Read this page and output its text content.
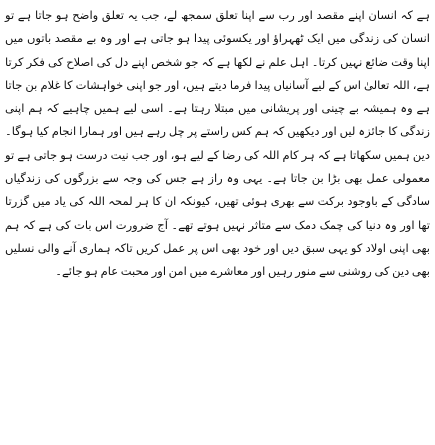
ہے کہ انسان اپنے مقصد اور رب سے اپنا تعلق سمجھ لے، جب یہ تعلق واضح ہو جاتا ہے تو انسان کی زندگی میں ایک ٹھہراؤ اور یکسوئی پیدا ہو جاتی ہے اور وہ بے مقصد باتوں میں اپنا وقت ضائع نہیں کرتا۔ اہل علم نے لکھا ہے کہ جو شخص اپنے دل کی اصلاح کی فکر کرتا ہے، اللہ تعالیٰ اس کے لیے آسانیاں پیدا فرما دیتے ہیں، اور جو اپنی خواہشات کا غلام بن جاتا ہے وہ ہمیشہ بے چینی اور پریشانی میں مبتلا رہتا ہے۔ اسی لیے ہمیں چاہیے کہ ہم اپنی زندگی کا جائزہ لیں اور دیکھیں کہ ہم کس راستے پر چل رہے ہیں اور ہمارا انجام کیا ہوگا۔ دین ہمیں سکھاتا ہے کہ ہر کام اللہ کی رضا کے لیے ہو، اور جب نیت درست ہو جاتی ہے تو معمولی عمل بھی بڑا بن جاتا ہے۔ یہی وہ راز ہے جس کی وجہ سے بزرگوں کی زندگیاں سادگی کے باوجود برکت سے بھری ہوئی تھیں، کیونکہ ان کا ہر لمحہ اللہ کی یاد میں گزرتا تھا اور وہ دنیا کی چمک دمک سے متاثر نہیں ہوتے تھے۔ آج ضرورت اس بات کی ہے کہ ہم بھی اپنی اولاد کو یہی سبق دیں اور خود بھی اس پر عمل کریں تاکہ ہماری آنے والی نسلیں بھی دین کی روشنی سے منور رہیں اور معاشرے میں امن اور محبت عام ہو جائے۔
